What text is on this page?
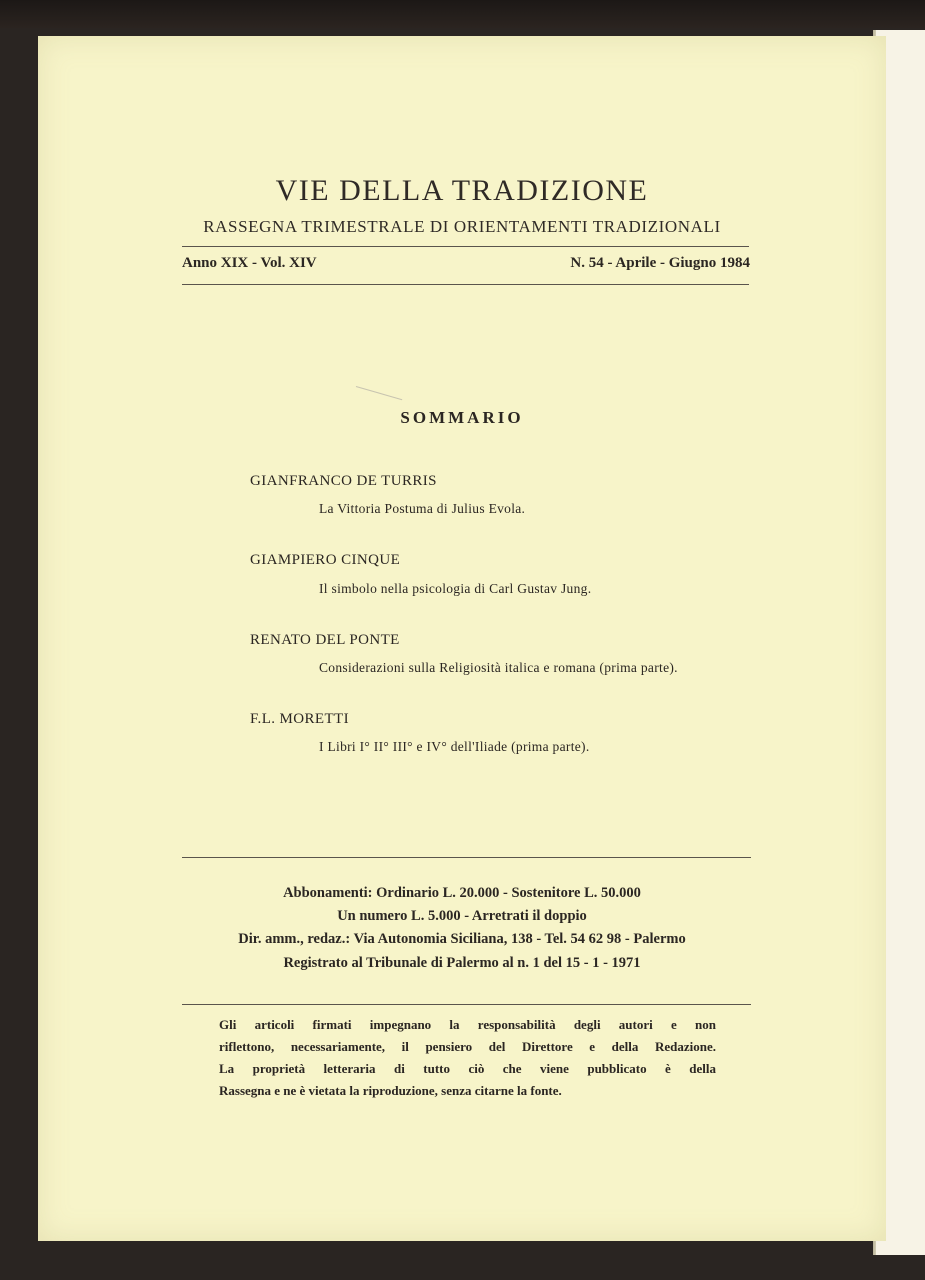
VIE DELLA TRADIZIONE
RASSEGNA TRIMESTRALE DI ORIENTAMENTI TRADIZIONALI
Anno XIX - Vol. XIV	N. 54 - Aprile - Giugno 1984
SOMMARIO
GIANFRANCO DE TURRIS
La Vittoria Postuma di Julius Evola.
GIAMPIERO CINQUE
Il simbolo nella psicologia di Carl Gustav Jung.
RENATO DEL PONTE
Considerazioni sulla Religiosità italica e romana (prima parte).
F.L. MORETTI
I Libri I° II° III° e IV° dell'Iliade (prima parte).
Abbonamenti: Ordinario L. 20.000 - Sostenitore L. 50.000
Un numero L. 5.000 - Arretrati il doppio
Dir. amm., redaz.: Via Autonomia Siciliana, 138 - Tel. 54 62 98 - Palermo
Registrato al Tribunale di Palermo al n. 1 del 15 - 1 - 1971
Gli articoli firmati impegnano la responsabilità degli autori e non
riflettono, necessariamente, il pensiero del Direttore e della Redazione.
La proprietà letteraria di tutto ciò che viene pubblicato è della
Rassegna e ne è vietata la riproduzione, senza citarne la fonte.
